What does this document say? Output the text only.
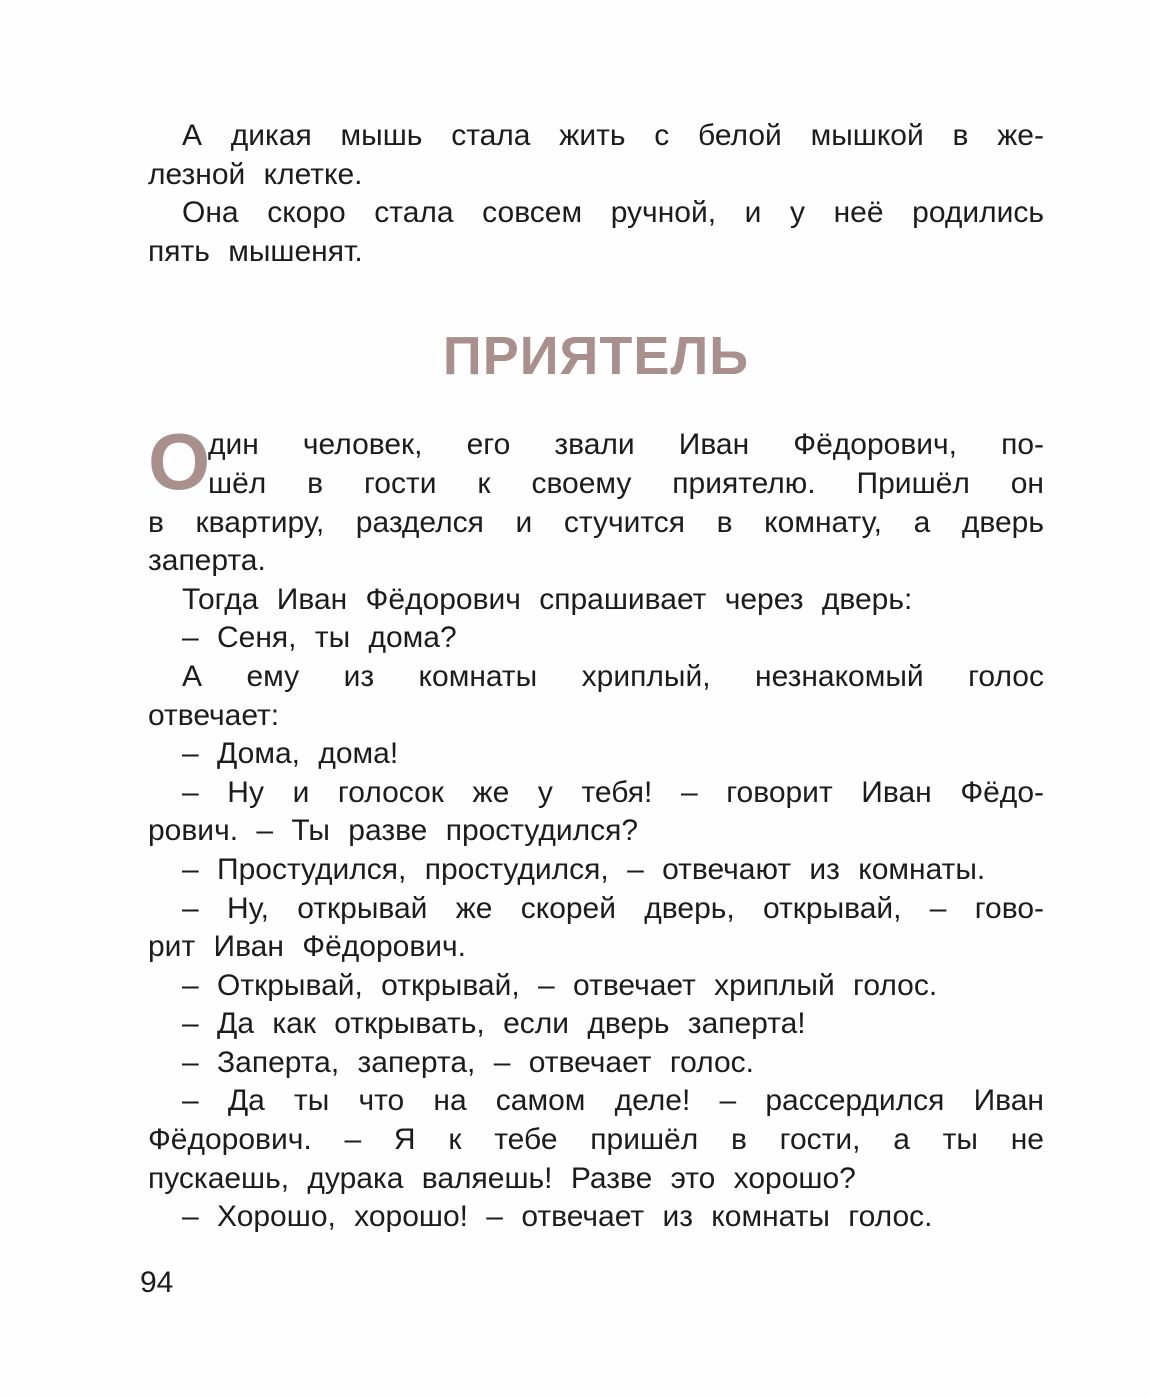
А дикая мышь стала жить с белой мышкой в же-
лезной клетке.
Она скоро стала совсем ручной, и у неё родились
пять мышенят.
ПРИЯТЕЛЬ
О
дин человек, его звали Иван Фёдорович, по-
шёл в гости к своему приятелю. Пришёл он
в квартиру, разделся и стучится в комнату, а дверь
заперта.
Тогда Иван Фёдорович спрашивает через дверь:
– Сеня, ты дома?
А ему из комнаты хриплый, незнакомый голос
отвечает:
– Дома, дома!
– Ну и голосок же у тебя! – говорит Иван Фёдо-
рович. – Ты разве простудился?
– Простудился, простудился, – отвечают из комнаты.
– Ну, открывай же скорей дверь, открывай, – гово-
рит Иван Фёдорович.
– Открывай, открывай, – отвечает хриплый голос.
– Да как открывать, если дверь заперта!
– Заперта, заперта, – отвечает голос.
– Да ты что на самом деле! – рассердился Иван
Фёдорович. – Я к тебе пришёл в гости, а ты не
пускаешь, дурака валяешь! Разве это хорошо?
– Хорошо, хорошо! – отвечает из комнаты голос.
94
